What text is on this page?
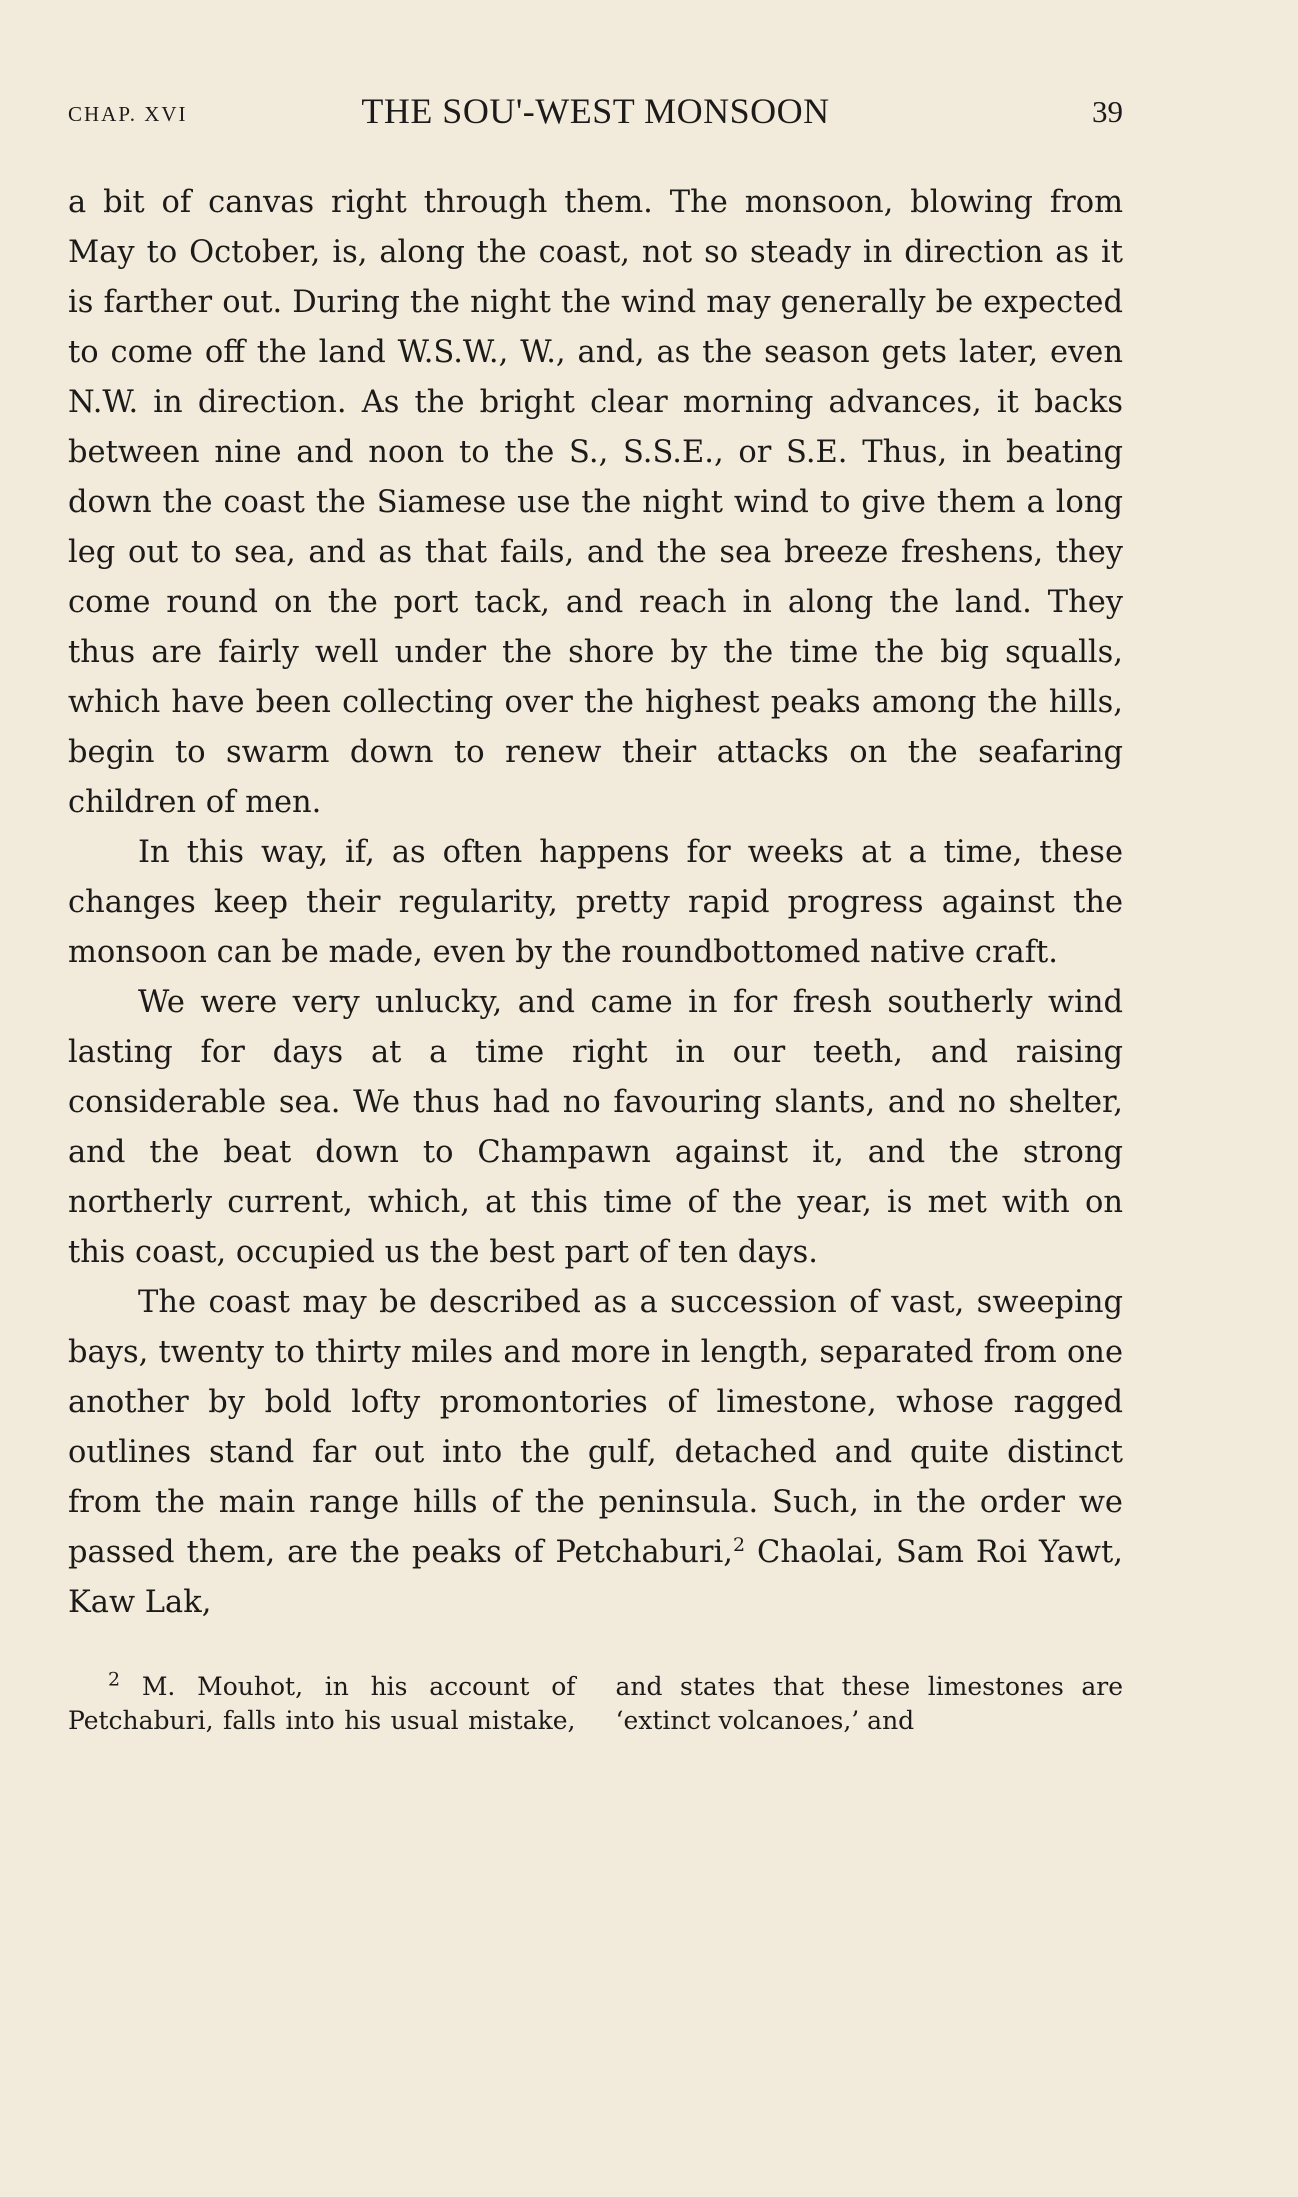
CHAP. XVI	THE SOU'-WEST MONSOON	39

a bit of canvas right through them. The monsoon, blowing from May to October, is, along the coast, not so steady in direction as it is farther out. During the night the wind may generally be expected to come off the land W.S.W., W., and, as the season gets later, even N.W. in direction. As the bright clear morning advances, it backs between nine and noon to the S., S.S.E., or S.E. Thus, in beating down the coast the Siamese use the night wind to give them a long leg out to sea, and as that fails, and the sea breeze freshens, they come round on the port tack, and reach in along the land. They thus are fairly well under the shore by the time the big squalls, which have been collecting over the highest peaks among the hills, begin to swarm down to renew their attacks on the seafaring children of men.

In this way, if, as often happens for weeks at a time, these changes keep their regularity, pretty rapid progress against the monsoon can be made, even by the roundbottomed native craft.

We were very unlucky, and came in for fresh southerly wind lasting for days at a time right in our teeth, and raising considerable sea. We thus had no favouring slants, and no shelter, and the beat down to Champawn against it, and the strong northerly current, which, at this time of the year, is met with on this coast, occupied us the best part of ten days.

The coast may be described as a succession of vast, sweeping bays, twenty to thirty miles and more in length, separated from one another by bold lofty promontories of limestone, whose ragged outlines stand far out into the gulf, detached and quite distinct from the main range hills of the peninsula. Such, in the order we passed them, are the peaks of Petchaburi,$^2$ Chaolai, Sam Roi Yawt, Kaw Lak,

$^2$ M. Mouhot, in his account of Petchaburi, falls into his usual mistake, and states that these limestones are ‘extinct volcanoes,’ and
